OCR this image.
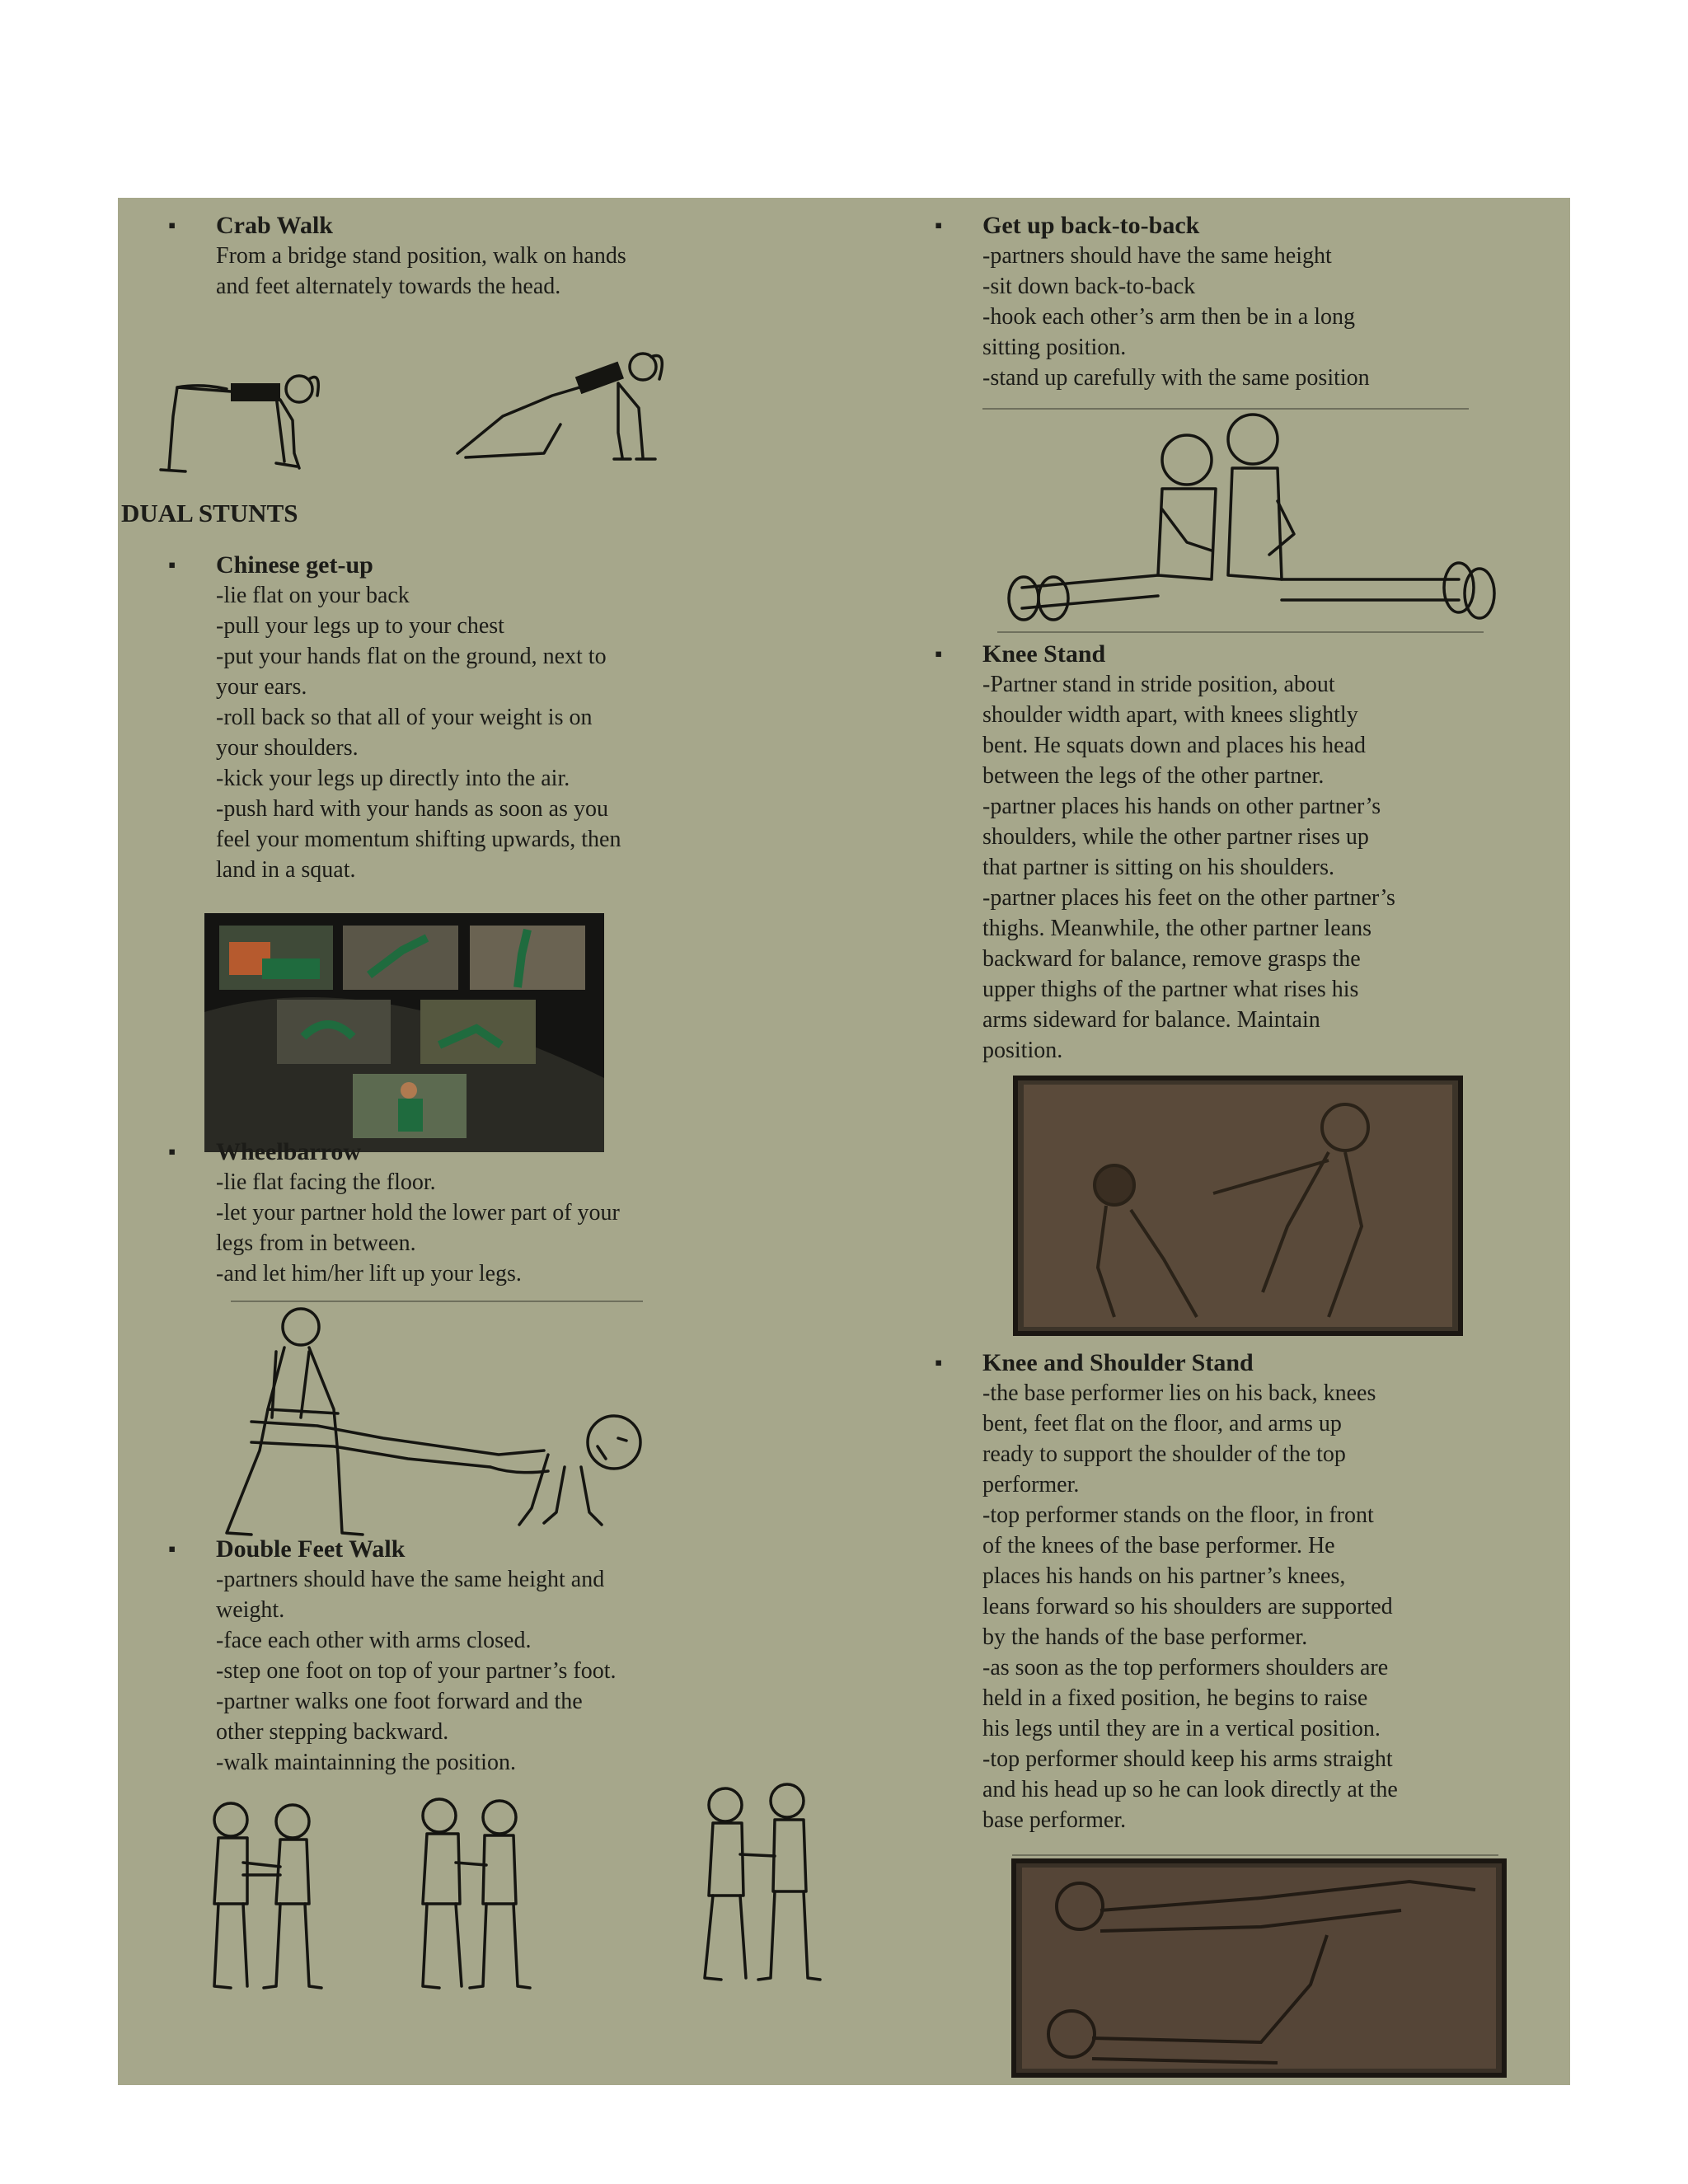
▪ Crab Walk
From a bridge stand position, walk on hands
and feet alternately towards the head.
DUAL STUNTS
▪ Chinese get-up
-lie flat on your back
-pull your legs up to your chest
-put your hands flat on the ground, next to
your ears.
-roll back so that all of your weight is on
your shoulders.
-kick your legs up directly into the air.
-push hard with your hands as soon as you
feel your momentum shifting upwards, then
land in a squat.
▪ Wheelbarrow
-lie flat facing the floor.
-let your partner hold the lower part of your
legs from in between.
-and let him/her lift up your legs.
▪ Double Feet Walk
-partners should have the same height and
weight.
-face each other with arms closed.
-step one foot on top of your partner’s foot.
-partner walks one foot forward and the
other stepping backward.
-walk maintainning the position.
▪ Get up back-to-back
-partners should have the same height
-sit down back-to-back
-hook each other’s arm then be in a long
sitting position.
-stand up carefully with the same position
▪ Knee Stand
-Partner stand in stride position, about
shoulder width apart, with knees slightly
bent. He squats down and places his head
between the legs of the other partner.
-partner places his hands on other partner’s
shoulders, while the other partner rises up
that partner is sitting on his shoulders.
-partner places his feet on the other partner’s
thighs. Meanwhile, the other partner leans
backward for balance, remove grasps the
upper thighs of the partner what rises his
arms sideward for balance. Maintain
position.
▪ Knee and Shoulder Stand
-the base performer lies on his back, knees
bent, feet flat on the floor, and arms up
ready to support the shoulder of the top
performer.
-top performer stands on the floor, in front
of the knees of the base performer. He
places his hands on his partner’s knees,
leans forward so his shoulders are supported
by the hands of the base performer.
-as soon as the top performers shoulders are
held in a fixed position, he begins to raise
his legs until they are in a vertical position.
-top performer should keep his arms straight
and his head up so he can look directly at the
base performer.
